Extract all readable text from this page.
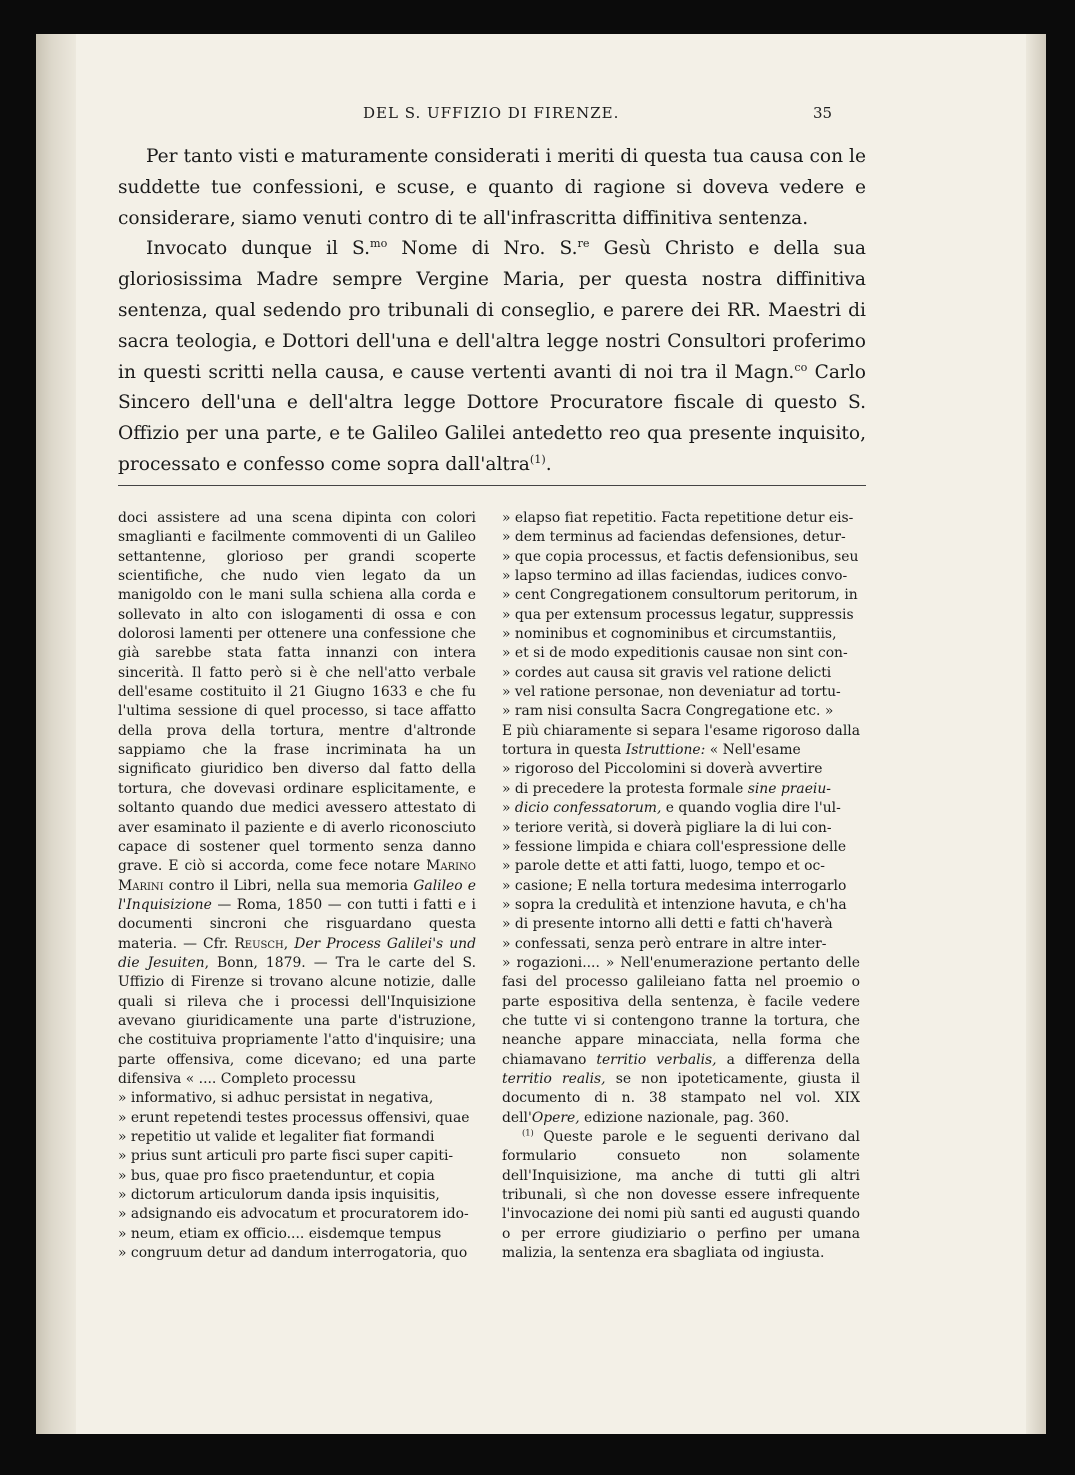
DEL S. UFFIZIO DI FIRENZE.	35

Per tanto visti e maturamente considerati i meriti di questa tua causa con le suddette tue confessioni, e scuse, e quanto di ragione si doveva vedere e considerare, siamo venuti contro di te all'infrascritta diffinitiva sentenza.

Invocato dunque il S.$^{mo}$ Nome di Nro. S.$^{re}$ Gesù Christo e della sua gloriosissima Madre sempre Vergine Maria, per questa nostra diffinitiva sentenza, qual sedendo pro tribunali di conseglio, e parere dei RR. Maestri di sacra teologia, e Dottori dell'una e dell'altra legge nostri Consultori proferimo in questi scritti nella causa, e cause vertenti avanti di noi tra il Magn.$^{co}$ Carlo Sincero dell'una e dell'altra legge Dottore Procuratore fiscale di questo S. Offizio per una parte, e te Galileo Galilei antedetto reo qua presente inquisito, processato e confesso come sopra dall'altra$^{(1)}$.

doci assistere ad una scena dipinta con colori smaglianti e facilmente commoventi di un Galileo settantenne, glorioso per grandi scoperte scientifiche, che nudo vien legato da un manigoldo con le mani sulla schiena alla corda e sollevato in alto con islogamenti di ossa e con dolorosi lamenti per ottenere una confessione che già sarebbe stata fatta innanzi con intera sincerità. Il fatto però si è che nell'atto verbale dell'esame costituito il 21 Giugno 1633 e che fu l'ultima sessione di quel processo, si tace affatto della prova della tortura, mentre d'altronde sappiamo che la frase incriminata ha un significato giuridico ben diverso dal fatto della tortura, che dovevasi ordinare esplicitamente, e soltanto quando due medici avessero attestato di aver esaminato il paziente e di averlo riconosciuto capace di sostener quel tormento senza danno grave. E ciò si accorda, come fece notare Marino Marini contro il Libri, nella sua memoria Galileo e l'Inquisizione — Roma, 1850 — con tutti i fatti e i documenti sincroni che risguardano questa materia. — Cfr. Reusch, Der Process Galilei's und die Jesuiten, Bonn, 1879. — Tra le carte del S. Uffizio di Firenze si trovano alcune notizie, dalle quali si rileva che i processi dell'Inquisizione avevano giuridicamente una parte d'istruzione, che costituiva propriamente l'atto d'inquisire; una parte offensiva, come dicevano; ed una parte difensiva « .... Completo processu

» informativo, si adhuc persistat in negativa,
» erunt repetendi testes processus offensivi, quae
» repetitio ut valide et legaliter fiat formandi
» prius sunt articuli pro parte fisci super capiti-
» bus, quae pro fisco praetenduntur, et copia
» dictorum articulorum danda ipsis inquisitis,
» adsignando eis advocatum et procuratorem ido-
» neum, etiam ex officio.... eisdemque tempus
» congruum detur ad dandum interrogatoria, quo
» elapso fiat repetitio. Facta repetitione detur eis-
» dem terminus ad faciendas defensiones, detur-
» que copia processus, et factis defensionibus, seu
» lapso termino ad illas faciendas, iudices convo-
» cent Congregationem consultorum peritorum, in
» qua per extensum processus legatur, suppressis
» nominibus et cognominibus et circumstantiis,
» et si de modo expeditionis causae non sint con-
» cordes aut causa sit gravis vel ratione delicti
» vel ratione personae, non deveniatur ad tortu-
» ram nisi consulta Sacra Congregatione etc. »

E più chiaramente si separa l'esame rigoroso dalla tortura in questa Istruttione: « Nell'esame

» rigoroso del Piccolomini si doverà avvertire
» di precedere la protesta formale sine praeiu-
» dicio confessatorum, e quando voglia dire l'ul-
» teriore verità, si doverà pigliare la di lui con-
» fessione limpida e chiara coll'espressione delle
» parole dette et atti fatti, luogo, tempo et oc-
» casione; E nella tortura medesima interrogarlo
» sopra la credulità et intenzione havuta, e ch'ha
» di presente intorno alli detti e fatti ch'haverà
» confessati, senza però entrare in altre inter-

» rogazioni.... » Nell'enumerazione pertanto delle fasi del processo galileiano fatta nel proemio o parte espositiva della sentenza, è facile vedere che tutte vi si contengono tranne la tortura, che neanche appare minacciata, nella forma che chiamavano territio verbalis, a differenza della territio realis, se non ipoteticamente, giusta il documento di n. 38 stampato nel vol. XIX dell'Opere, edizione nazionale, pag. 360.

$^{(1)}$ Queste parole e le seguenti derivano dal formulario consueto non solamente dell'Inquisizione, ma anche di tutti gli altri tribunali, sì che non dovesse essere infrequente l'invocazione dei nomi più santi ed augusti quando o per errore giudiziario o perfino per umana malizia, la sentenza era sbagliata od ingiusta.
